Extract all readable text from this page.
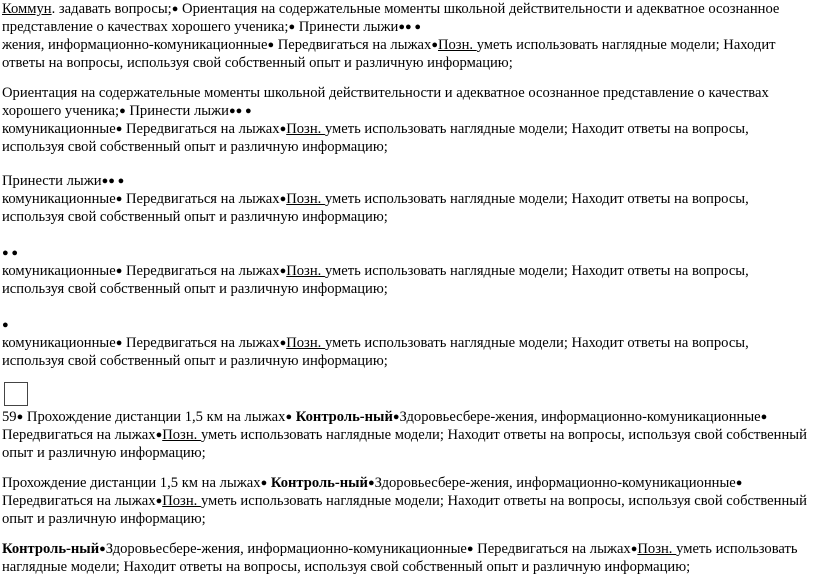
Коммун. задавать вопросы;● Ориентация на содержательные моменты школьной действительности и адекватное осознанное представление о качествах хорошего ученика;● Принести лыжи●● ●
жения, информационно-комуникационные● Передвигаться на лыжах●Позн. уметь использовать наглядные модели; Находит ответы на вопросы, используя свой собственный опыт и различную информацию;

Ориентация на содержательные моменты школьной действительности и адекватное осознанное представление о качествах хорошего ученика;● Принести лыжи●● ●
комуникационные● Передвигаться на лыжах●Позн. уметь использовать наглядные модели; Находит ответы на вопросы, используя свой собственный опыт и различную информацию;

Принести лыжи●● ●
комуникационные● Передвигаться на лыжах●Позн. уметь использовать наглядные модели; Находит ответы на вопросы, используя свой собственный опыт и различную информацию;

● ●
комуникационные● Передвигаться на лыжах●Позн. уметь использовать наглядные модели; Находит ответы на вопросы, используя свой собственный опыт и различную информацию;

●
комуникационные● Передвигаться на лыжах●Позн. уметь использовать наглядные модели; Находит ответы на вопросы, используя свой собственный опыт и различную информацию;

59● Прохождение дистанции 1,5 км на лыжах● Контроль-ный●Здоровьесбере-жения, информационно-комуникационные● Передвигаться на лыжах●Позн. уметь использовать наглядные модели; Находит ответы на вопросы, используя свой собственный опыт и различную информацию;

Прохождение дистанции 1,5 км на лыжах● Контроль-ный●Здоровьесбере-жения, информационно-комуникационные● Передвигаться на лыжах●Позн. уметь использовать наглядные модели; Находит ответы на вопросы, используя свой собственный опыт и различную информацию;

Контроль-ный●Здоровьесбере-жения, информационно-комуникационные● Передвигаться на лыжах●Позн. уметь использовать наглядные модели; Находит ответы на вопросы, используя свой собственный опыт и различную информацию;
